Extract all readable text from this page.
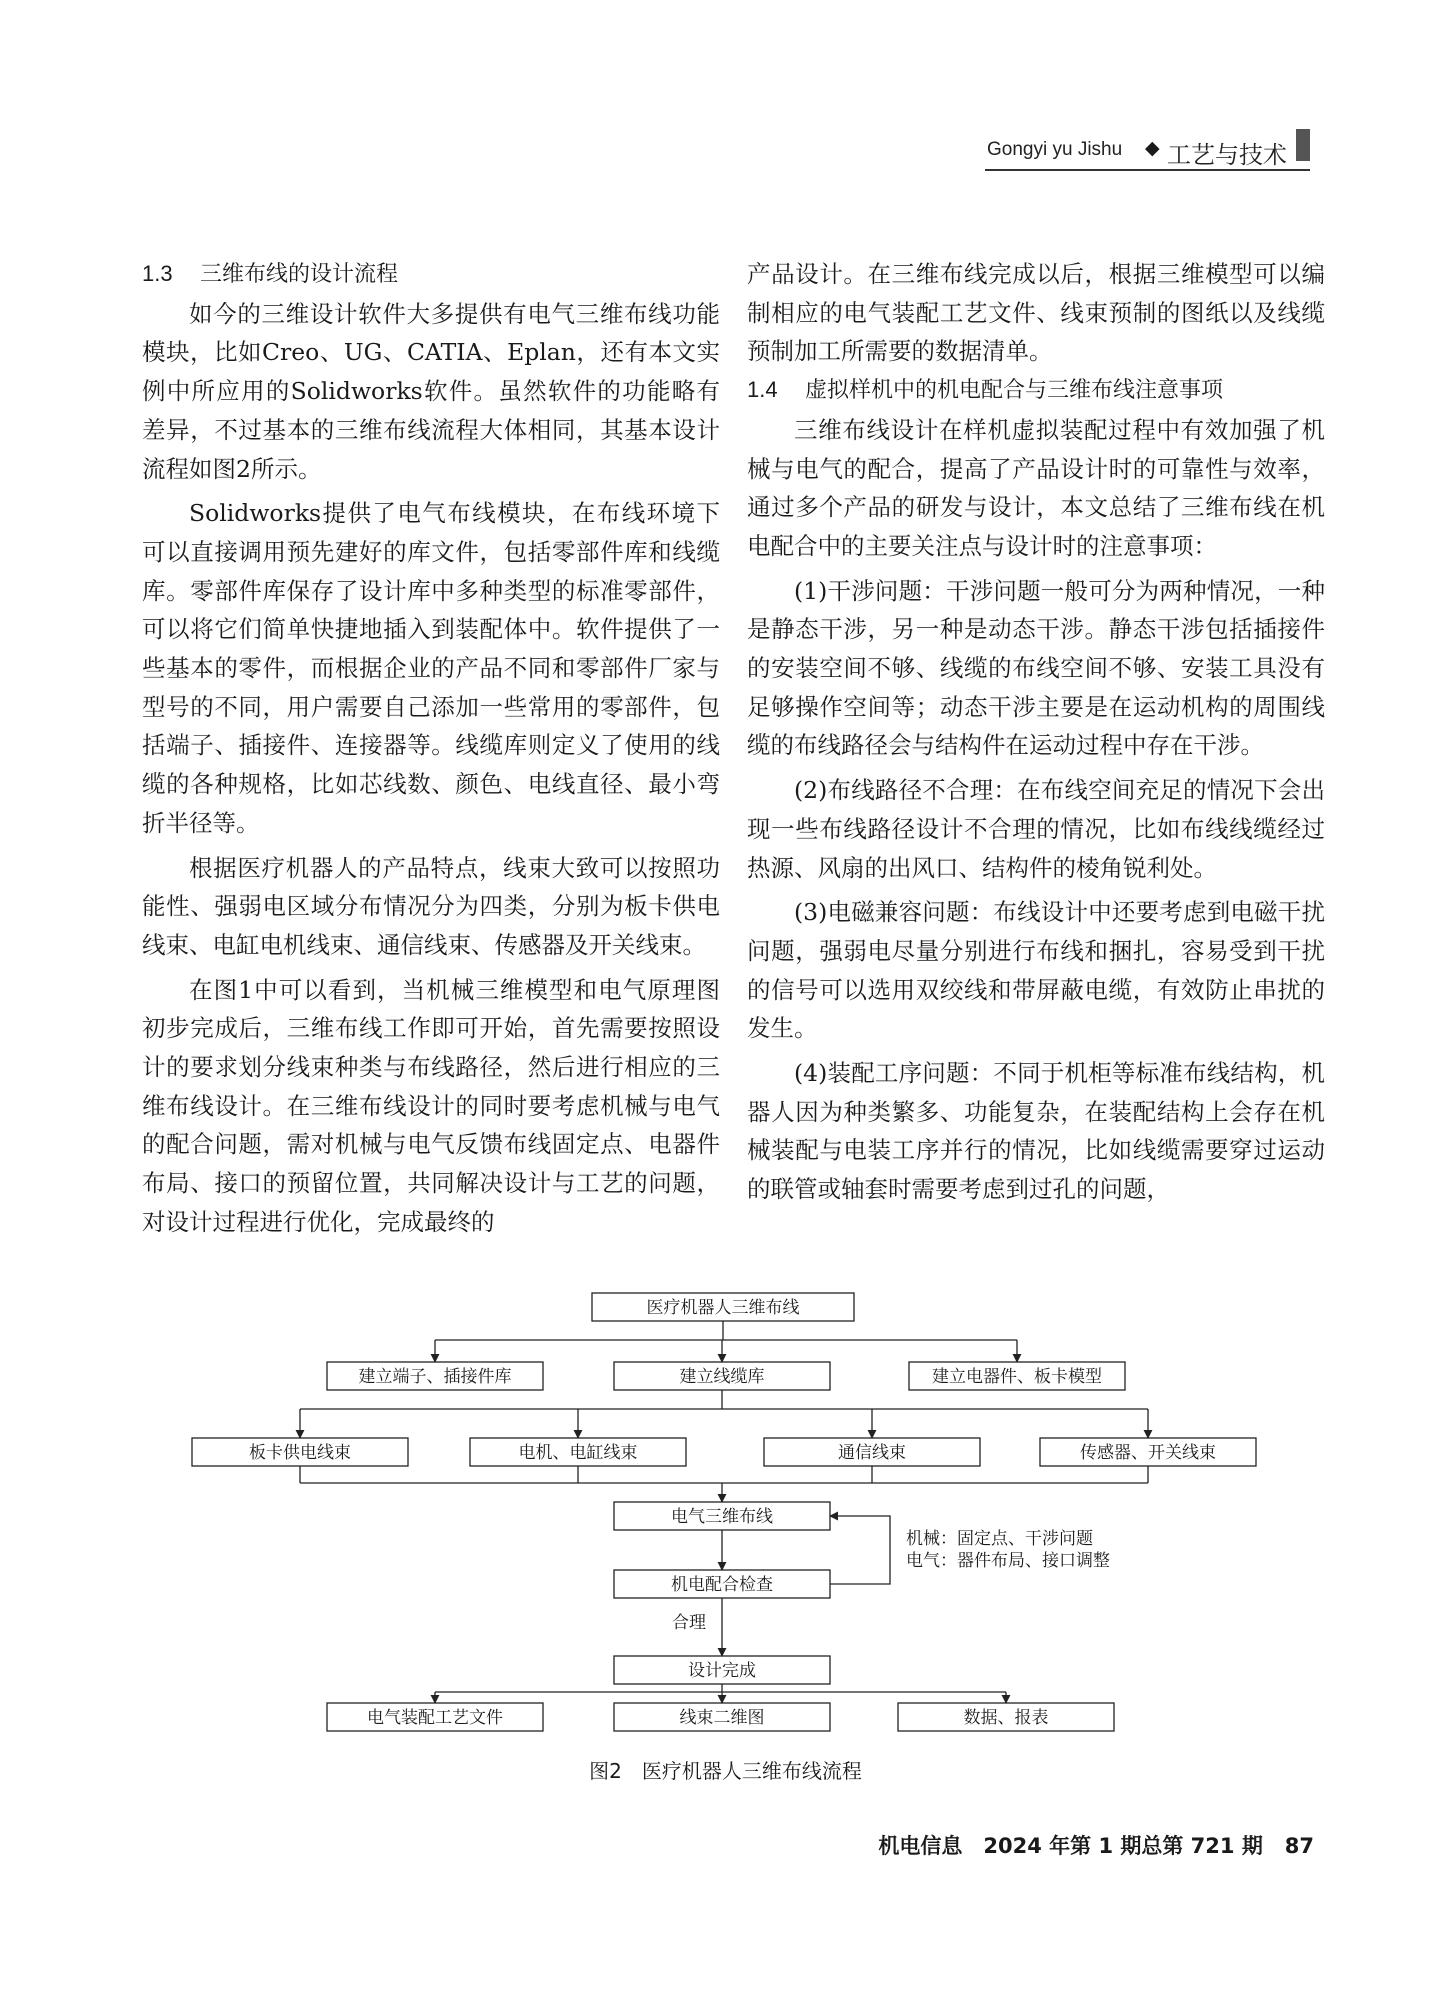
Gongyi yu Jishu ◆ 工艺与技术
1.3 三维布线的设计流程

如今的三维设计软件大多提供有电气三维布线功能模块，比如Creo、UG、CATIA、Eplan，还有本文实例中所应用的Solidworks软件。虽然软件的功能略有差异，不过基本的三维布线流程大体相同，其基本设计流程如图2所示。

Solidworks提供了电气布线模块，在布线环境下可以直接调用预先建好的库文件，包括零部件库和线缆库。零部件库保存了设计库中多种类型的标准零部件，可以将它们简单快捷地插入到装配体中。软件提供了一些基本的零件，而根据企业的产品不同和零部件厂家与型号的不同，用户需要自己添加一些常用的零部件，包括端子、插接件、连接器等。线缆库则定义了使用的线缆的各种规格，比如芯线数、颜色、电线直径、最小弯折半径等。

根据医疗机器人的产品特点，线束大致可以按照功能性、强弱电区域分布情况分为四类，分别为板卡供电线束、电缸电机线束、通信线束、传感器及开关线束。

在图1中可以看到，当机械三维模型和电气原理图初步完成后，三维布线工作即可开始，首先需要按照设计的要求划分线束种类与布线路径，然后进行相应的三维布线设计。在三维布线设计的同时要考虑机械与电气的配合问题，需对机械与电气反馈布线固定点、电器件布局、接口的预留位置，共同解决设计与工艺的问题，对设计过程进行优化，完成最终的

产品设计。在三维布线完成以后，根据三维模型可以编制相应的电气装配工艺文件、线束预制的图纸以及线缆预制加工所需要的数据清单。

1.4 虚拟样机中的机电配合与三维布线注意事项

三维布线设计在样机虚拟装配过程中有效加强了机械与电气的配合，提高了产品设计时的可靠性与效率，通过多个产品的研发与设计，本文总结了三维布线在机电配合中的主要关注点与设计时的注意事项：

(1)干涉问题：干涉问题一般可分为两种情况，一种是静态干涉，另一种是动态干涉。静态干涉包括插接件的安装空间不够、线缆的布线空间不够、安装工具没有足够操作空间等；动态干涉主要是在运动机构的周围线缆的布线路径会与结构件在运动过程中存在干涉。

(2)布线路径不合理：在布线空间充足的情况下会出现一些布线路径设计不合理的情况，比如布线线缆经过热源、风扇的出风口、结构件的棱角锐利处。

(3)电磁兼容问题：布线设计中还要考虑到电磁干扰问题，强弱电尽量分别进行布线和捆扎，容易受到干扰的信号可以选用双绞线和带屏蔽电缆，有效防止串扰的发生。

(4)装配工序问题：不同于机柜等标准布线结构，机器人因为种类繁多、功能复杂，在装配结构上会存在机械装配与电装工序并行的情况，比如线缆需要穿过运动的联管或轴套时需要考虑到过孔的问题，

医疗机器人三维布线
建立端子、插接件库	建立线缆库	建立电器件、板卡模型
板卡供电线束	电机、电缸线束	通信线束	传感器、开关线束
电气三维布线
机电配合检查
设计完成
电气装配工艺文件	线束二维图	数据、报表
机械：固定点、干涉问题
电气：器件布局、接口调整
合理
图2　医疗机器人三维布线流程
机电信息　2024 年第 1 期总第 721 期 87
